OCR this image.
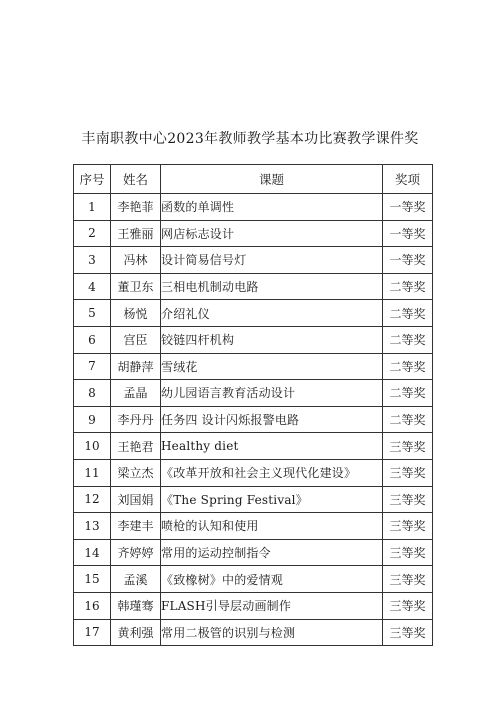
丰南职教中心2023年教师教学基本功比赛教学课件奖
序号	姓名	课题	奖项
1	李艳菲	函数的单调性	一等奖
2	王雅丽	网店标志设计	一等奖
3	冯林	设计简易信号灯	一等奖
4	董卫东	三相电机制动电路	二等奖
5	杨悦	介绍礼仪	二等奖
6	宫臣	铰链四杆机构	二等奖
7	胡静萍	雪绒花	二等奖
8	孟晶	幼儿园语言教育活动设计	二等奖
9	李丹丹	任务四 设计闪烁报警电路	二等奖
10	王艳君	Healthy diet	三等奖
11	梁立杰	《改革开放和社会主义现代化建设》	三等奖
12	刘国娟	《The Spring Festival》	三等奖
13	李建丰	喷枪的认知和使用	三等奖
14	齐婷婷	常用的运动控制指令	三等奖
15	孟溪	《致橡树》中的爱情观	三等奖
16	韩瑾骞	FLASH引导层动画制作	三等奖
17	黄利强	常用二极管的识别与检测	三等奖
